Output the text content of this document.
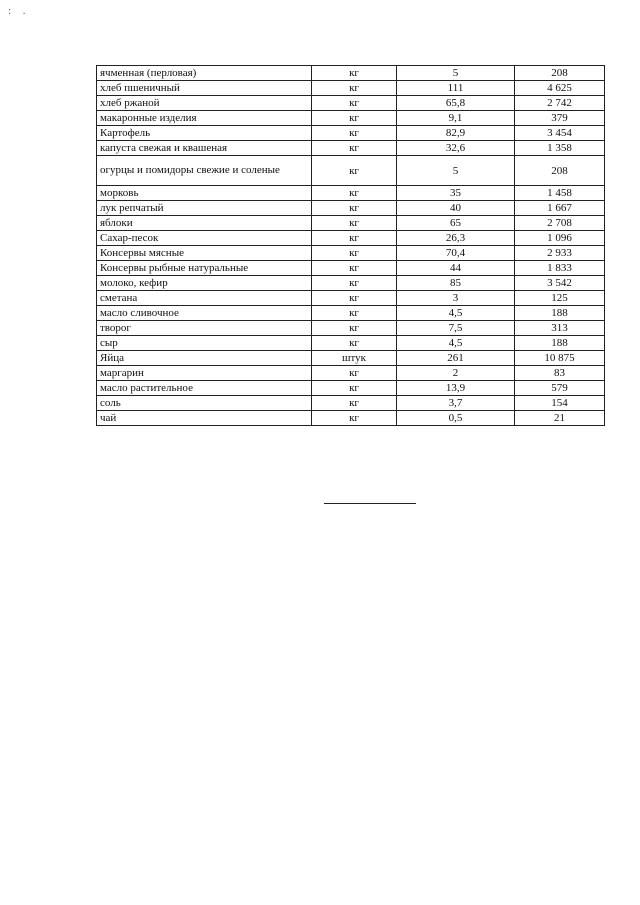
: .
ячменная (перловая)	кг	5	208
хлеб пшеничный	кг	111	4 625
хлеб ржаной	кг	65,8	2 742
макаронные изделия	кг	9,1	379
Картофель	кг	82,9	3 454
капуста свежая и квашеная	кг	32,6	1 358
огурцы и помидоры свежие и соленые	кг	5	208
морковь	кг	35	1 458
лук репчатый	кг	40	1 667
яблоки	кг	65	2 708
Сахар-песок	кг	26,3	1 096
Консервы мясные	кг	70,4	2 933
Консервы рыбные натуральные	кг	44	1 833
молоко, кефир	кг	85	3 542
сметана	кг	3	125
масло сливочное	кг	4,5	188
творог	кг	7,5	313
сыр	кг	4,5	188
Яйца	штук	261	10 875
маргарин	кг	2	83
масло растительное	кг	13,9	579
соль	кг	3,7	154
чай	кг	0,5	21
